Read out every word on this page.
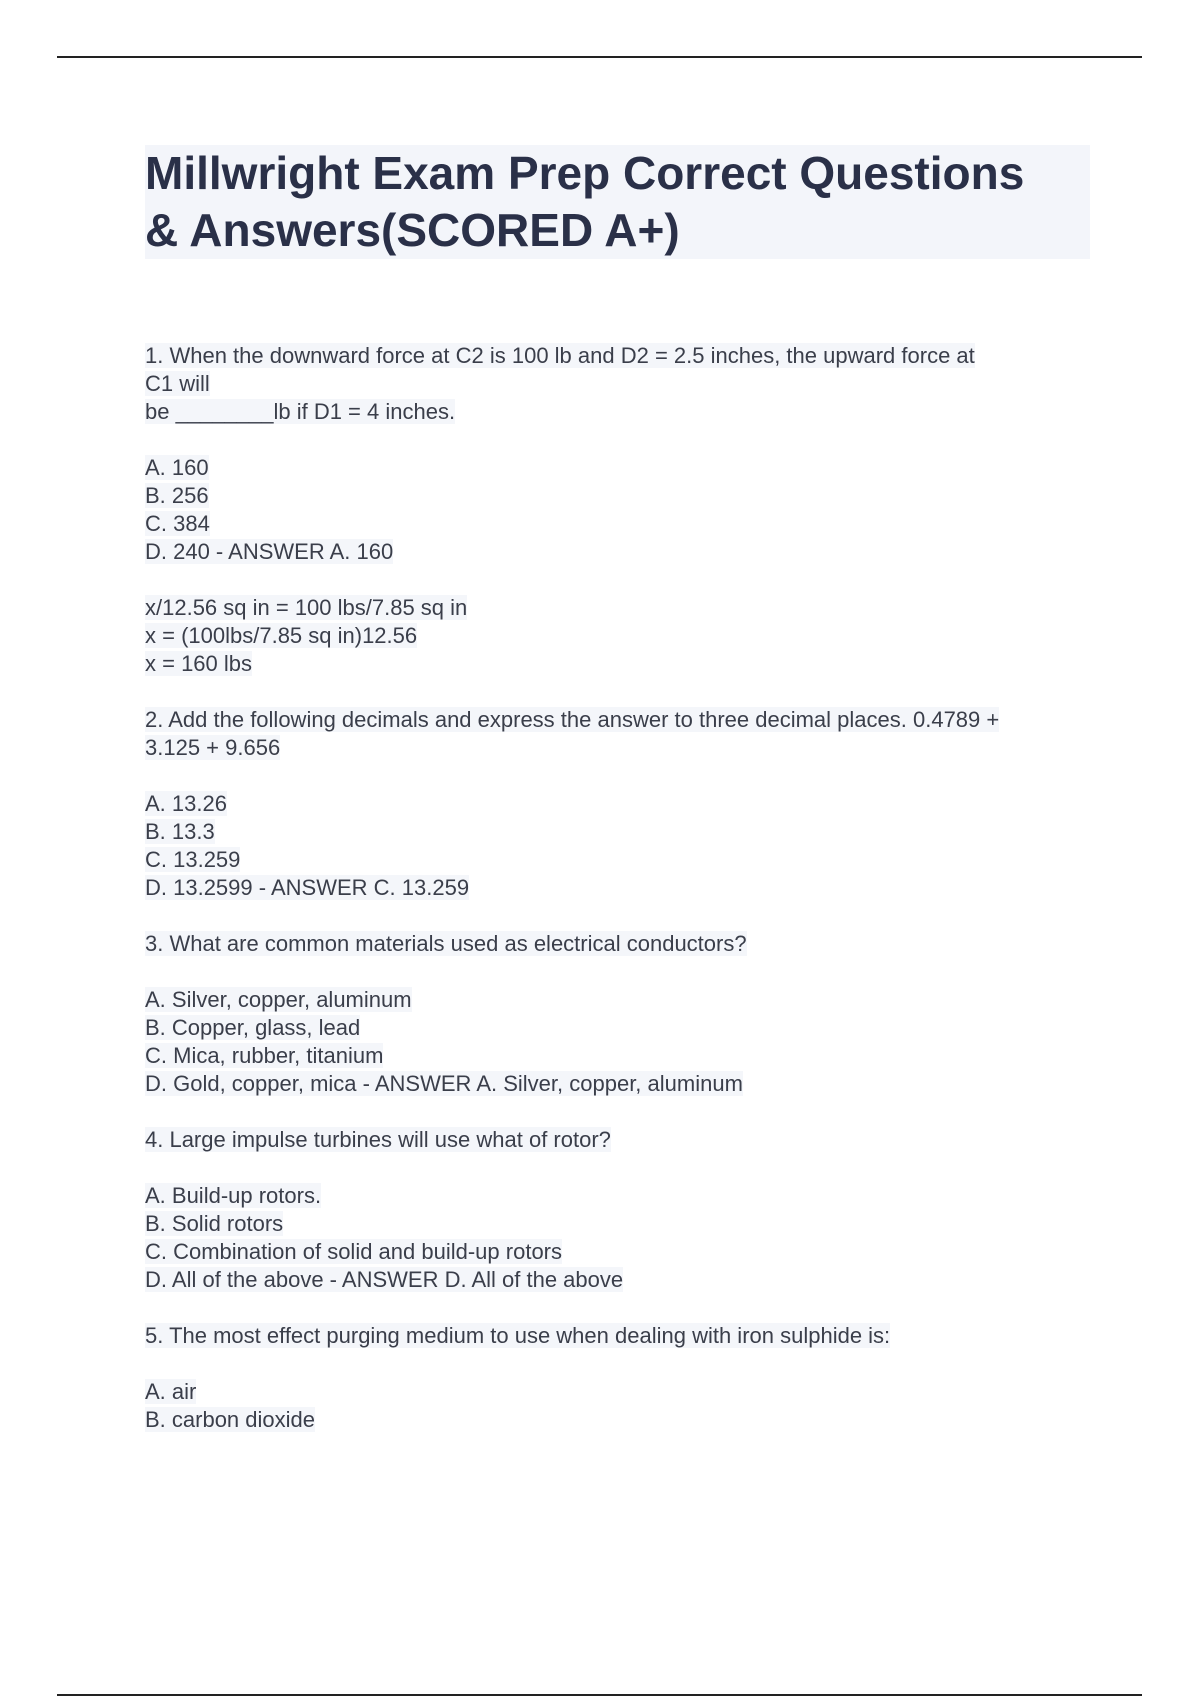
Millwright Exam Prep Correct Questions
& Answers(SCORED A+)
1. When the downward force at C2 is 100 lb and D2 = 2.5 inches, the upward force at
C1 will
be ________lb if D1 = 4 inches.
A. 160
B. 256
C. 384
D. 240 - ANSWER A. 160
x/12.56 sq in = 100 lbs/7.85 sq in
x = (100lbs/7.85 sq in)12.56
x = 160 lbs
2. Add the following decimals and express the answer to three decimal places. 0.4789 +
3.125 + 9.656
A. 13.26
B. 13.3
C. 13.259
D. 13.2599 - ANSWER C. 13.259
3. What are common materials used as electrical conductors?
A. Silver, copper, aluminum
B. Copper, glass, lead
C. Mica, rubber, titanium
D. Gold, copper, mica - ANSWER A. Silver, copper, aluminum
4. Large impulse turbines will use what of rotor?
A. Build-up rotors.
B. Solid rotors
C. Combination of solid and build-up rotors
D. All of the above - ANSWER D. All of the above
5. The most effect purging medium to use when dealing with iron sulphide is:
A. air
B. carbon dioxide
